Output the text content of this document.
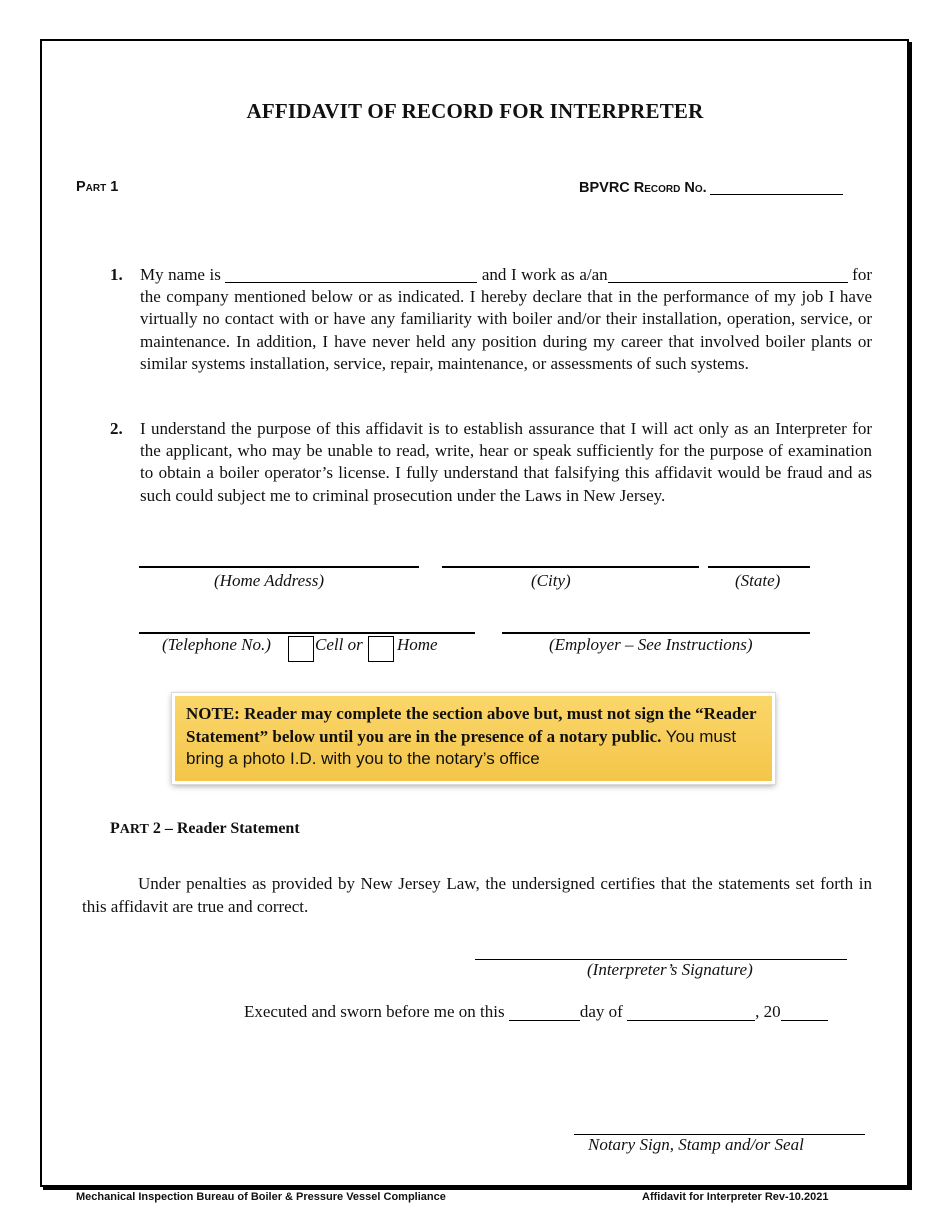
AFFIDAVIT OF RECORD FOR INTERPRETER
Part 1	BPVRC Record No.
1. My name is	and I work as a/an	for the company mentioned below or as indicated. I hereby declare that in the performance of my job I have virtually no contact with or have any familiarity with boiler and/or their installation, operation, service, or maintenance. In addition, I have never held any position during my career that involved boiler plants or similar systems installation, service, repair, maintenance, or assessments of such systems.
2. I understand the purpose of this affidavit is to establish assurance that I will act only as an Interpreter for the applicant, who may be unable to read, write, hear or speak sufficiently for the purpose of examination to obtain a boiler operator’s license. I fully understand that falsifying this affidavit would be fraud and as such could subject me to criminal prosecution under the Laws in New Jersey.
(Home Address)	(City)	(State)
(Telephone No.)	Cell or Home	(Employer – See Instructions)
NOTE: Reader may complete the section above but, must not sign the “Reader Statement” below until you are in the presence of a notary public. You must bring a photo I.D. with you to the notary’s office
PART 2 – Reader Statement
Under penalties as provided by New Jersey Law, the undersigned certifies that the statements set forth in this affidavit are true and correct.
(Interpreter’s Signature)
Executed and sworn before me on this	day of	, 20
Notary Sign, Stamp and/or Seal
Mechanical Inspection Bureau of Boiler & Pressure Vessel Compliance	Affidavit for Interpreter Rev-10.2021
